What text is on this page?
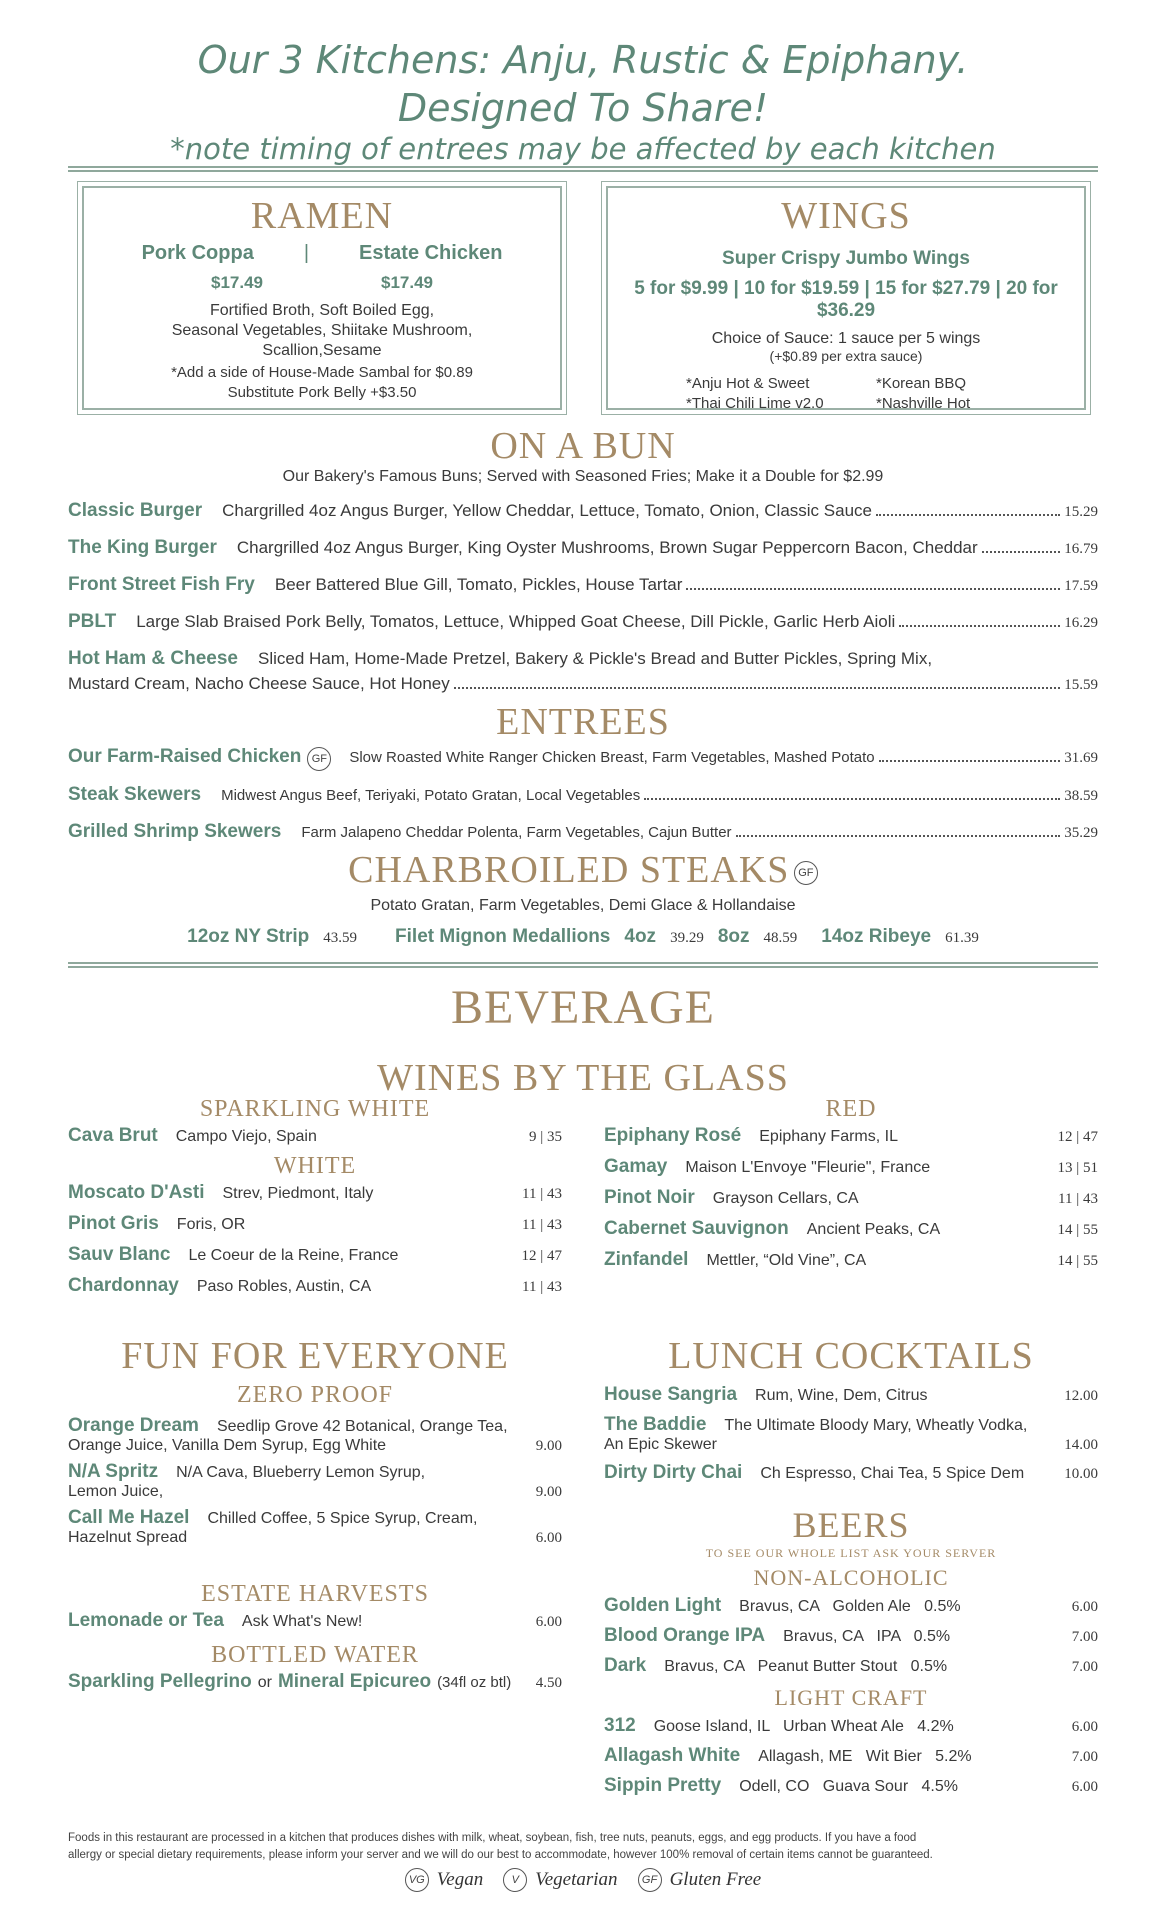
Our 3 Kitchens: Anju, Rustic & Epiphany.
Designed To Share!
*note timing of entrees may be affected by each kitchen
RAMEN
Pork Coppa	|	Estate Chicken
$17.49	$17.49
Fortified Broth, Soft Boiled Egg,
Seasonal Vegetables, Shiitake Mushroom,
Scallion,Sesame
*Add a side of House-Made Sambal for $0.89
Substitute Pork Belly +$3.50
WINGS
Super Crispy Jumbo Wings
5 for $9.99 | 10 for $19.59 | 15 for $27.79 | 20 for $36.29
Choice of Sauce: 1 sauce per 5 wings
(+$0.89 per extra sauce)
*Anju Hot & Sweet	*Korean BBQ
*Thai Chili Lime v2.0	*Nashville Hot
ON A BUN
Our Bakery's Famous Buns; Served with Seasoned Fries; Make it a Double for $2.99
Classic Burger Chargrilled 4oz Angus Burger, Yellow Cheddar, Lettuce, Tomato, Onion, Classic Sauce	15.29
The King Burger Chargrilled 4oz Angus Burger, King Oyster Mushrooms, Brown Sugar Peppercorn Bacon, Cheddar	16.79
Front Street Fish Fry Beer Battered Blue Gill, Tomato, Pickles, House Tartar	17.59
PBLT Large Slab Braised Pork Belly, Tomatos, Lettuce, Whipped Goat Cheese, Dill Pickle, Garlic Herb Aioli	16.29
Hot Ham & Cheese Sliced Ham, Home-Made Pretzel, Bakery & Pickle's Bread and Butter Pickles, Spring Mix,
Mustard Cream, Nacho Cheese Sauce, Hot Honey	15.59
ENTREES
Our Farm-Raised Chicken GF Slow Roasted White Ranger Chicken Breast, Farm Vegetables, Mashed Potato	31.69
Steak Skewers Midwest Angus Beef, Teriyaki, Potato Gratan, Local Vegetables	38.59
Grilled Shrimp Skewers Farm Jalapeno Cheddar Polenta, Farm Vegetables, Cajun Butter	35.29
CHARBROILED STEAKS GF
Potato Gratan, Farm Vegetables, Demi Glace & Hollandaise
12oz NY Strip 43.59 Filet Mignon Medallions 4oz 39.29 8oz 48.59 14oz Ribeye 61.39
BEVERAGE
WINES BY THE GLASS
SPARKLING WHITE
Cava Brut Campo Viejo, Spain	9 | 35
WHITE
Moscato D'Asti Strev, Piedmont, Italy	11 | 43
Pinot Gris Foris, OR	11 | 43
Sauv Blanc Le Coeur de la Reine, France	12 | 47
Chardonnay Paso Robles, Austin, CA	11 | 43
RED
Epiphany Rosé Epiphany Farms, IL	12 | 47
Gamay Maison L'Envoye "Fleurie", France	13 | 51
Pinot Noir Grayson Cellars, CA	11 | 43
Cabernet Sauvignon Ancient Peaks, CA	14 | 55
Zinfandel Mettler, “Old Vine”, CA	14 | 55
FUN FOR EVERYONE
ZERO PROOF
Orange Dream Seedlip Grove 42 Botanical, Orange Tea,
Orange Juice, Vanilla Dem Syrup, Egg White	9.00
N/A Spritz N/A Cava, Blueberry Lemon Syrup,
Lemon Juice,	9.00
Call Me Hazel Chilled Coffee, 5 Spice Syrup, Cream,
Hazelnut Spread	6.00
ESTATE HARVESTS
Lemonade or Tea Ask What's New!	6.00
BOTTLED WATER
Sparkling Pellegrino or Mineral Epicureo (34fl oz btl) 4.50
LUNCH COCKTAILS
House Sangria Rum, Wine, Dem, Citrus	12.00
The Baddie The Ultimate Bloody Mary, Wheatly Vodka,
An Epic Skewer	14.00
Dirty Dirty Chai Ch Espresso, Chai Tea, 5 Spice Dem	10.00
BEERS
TO SEE OUR WHOLE LIST ASK YOUR SERVER
NON-ALCOHOLIC
Golden Light Bravus, CA   Golden Ale   0.5%	6.00
Blood Orange IPA Bravus, CA   IPA   0.5%	7.00
Dark Bravus, CA   Peanut Butter Stout   0.5%	7.00
LIGHT CRAFT
312 Goose Island, IL   Urban Wheat Ale   4.2%	6.00
Allagash White Allagash, ME   Wit Bier   5.2%	7.00
Sippin Pretty Odell, CO   Guava Sour   4.5%	6.00
Foods in this restaurant are processed in a kitchen that produces dishes with milk, wheat, soybean, fish, tree nuts, peanuts, eggs, and egg products. If you have a food
allergy or special dietary requirements, please inform your server and we will do our best to accommodate, however 100% removal of certain items cannot be guaranteed.
VG Vegan	V Vegetarian	GF Gluten Free
